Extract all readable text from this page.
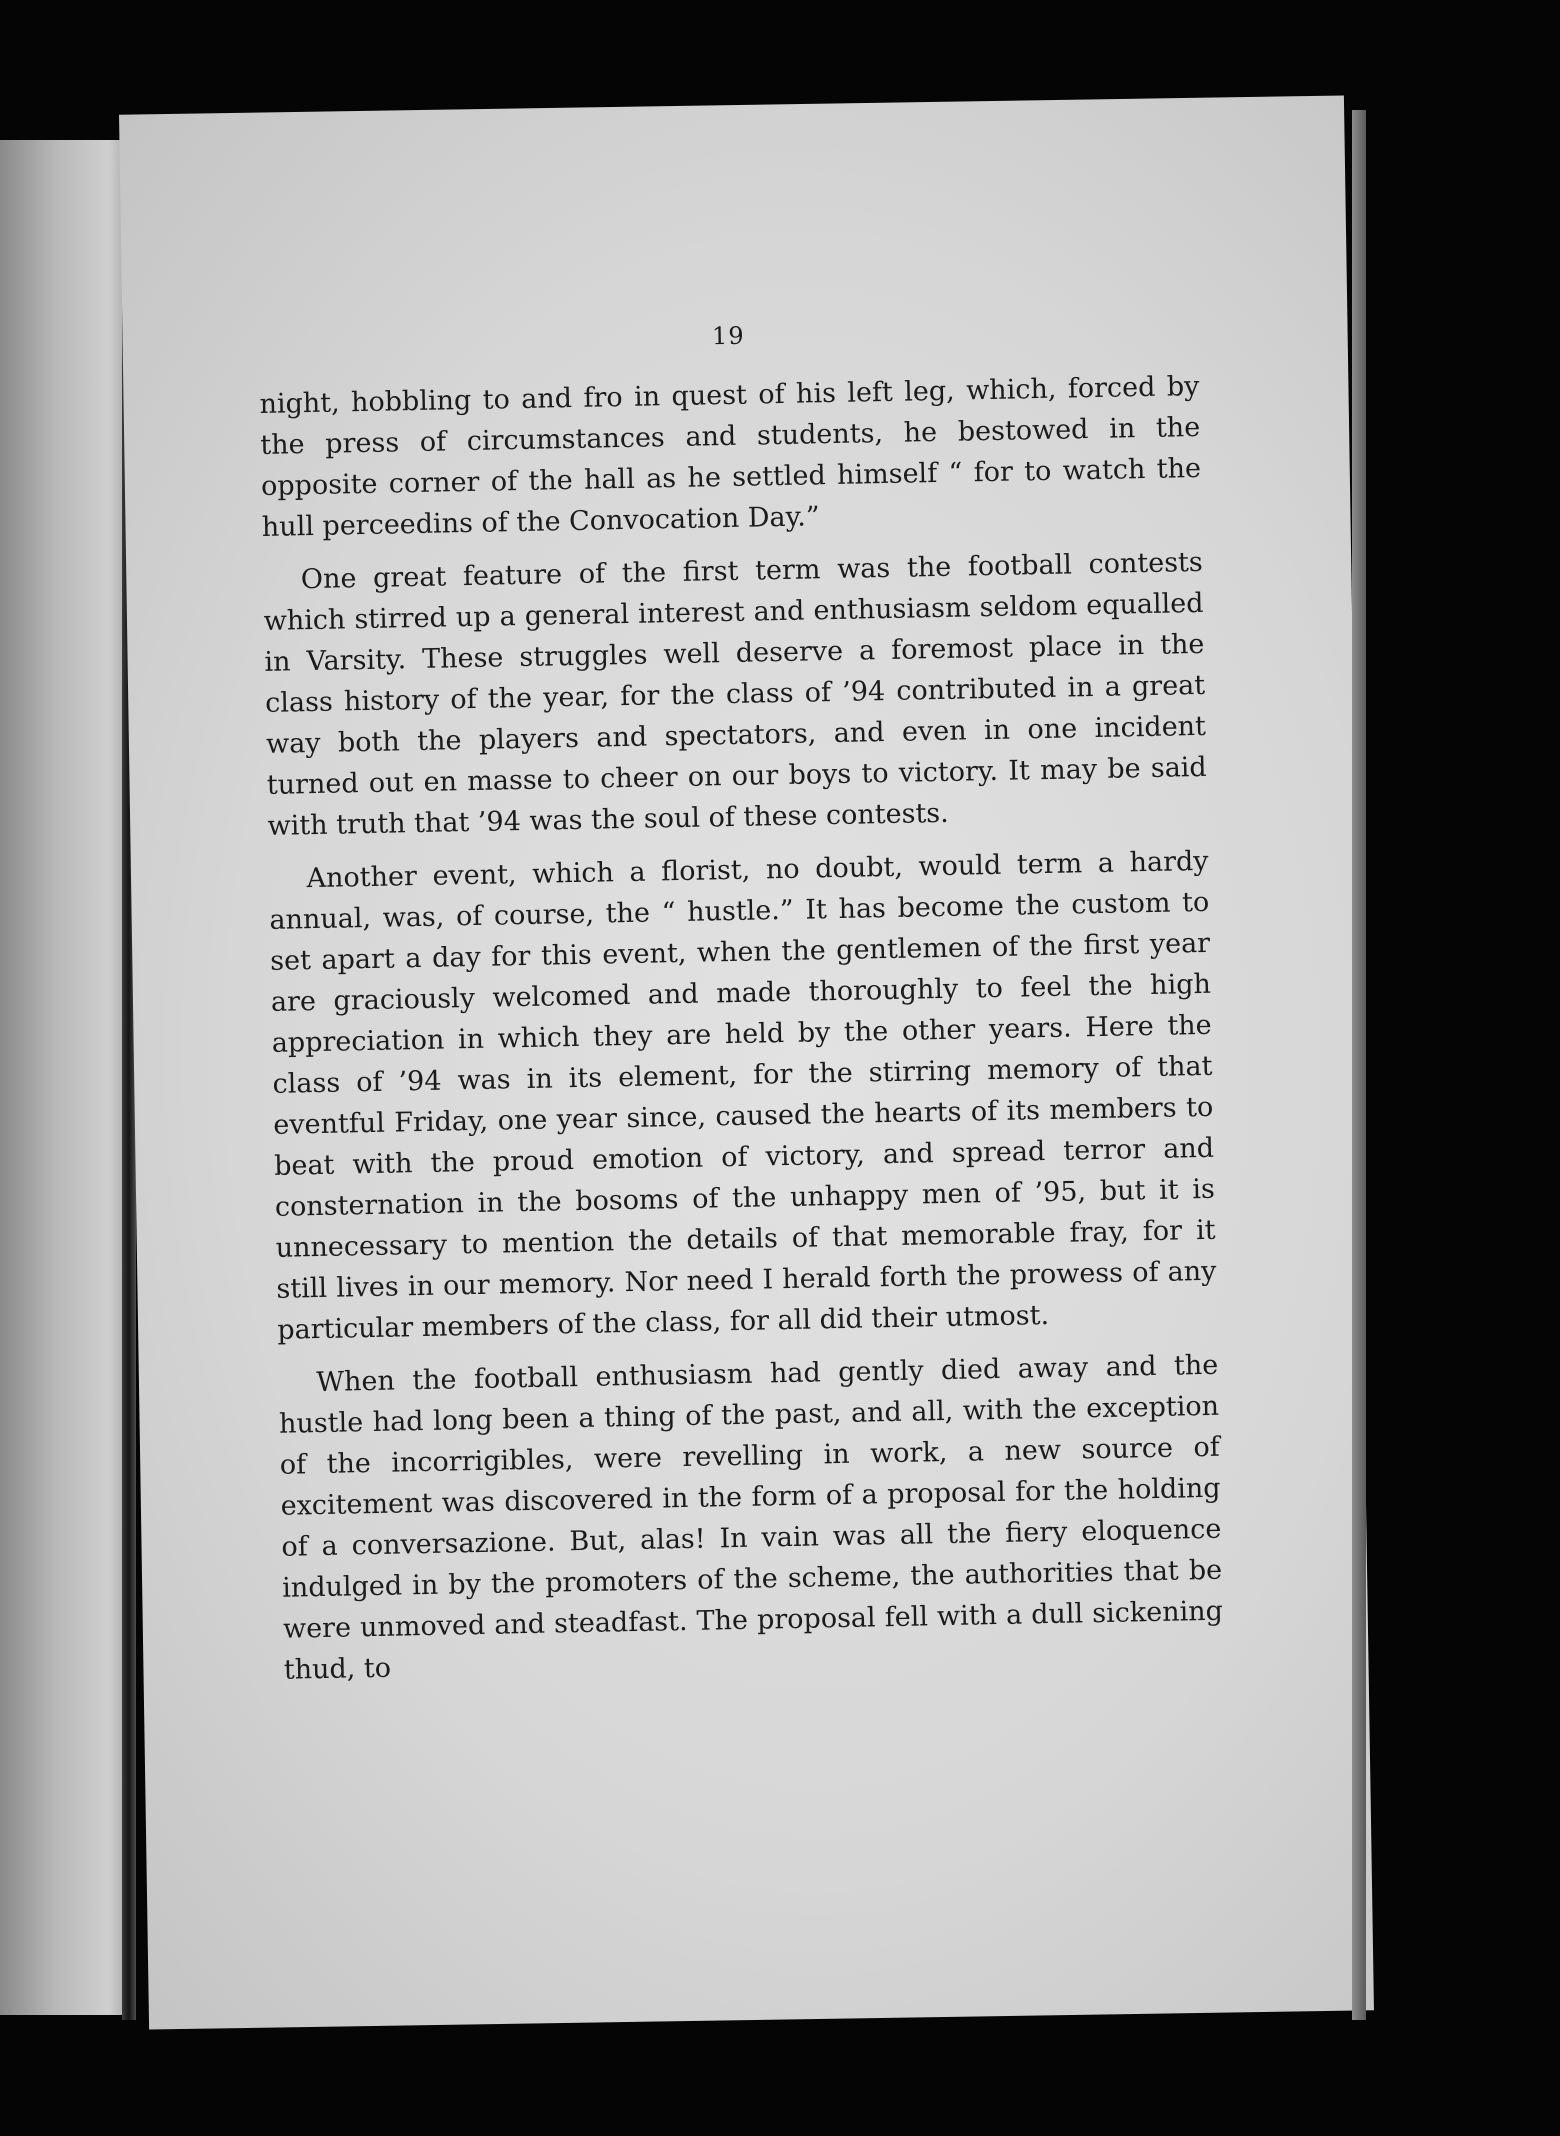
19

night, hobbling to and fro in quest of his left leg, which, forced by the press of circumstances and students, he bestowed in the opposite corner of the hall as he settled himself “ for to watch the hull perceedins of the Convocation Day.”

One great feature of the first term was the football contests which stirred up a general interest and enthusiasm seldom equalled in Varsity. These struggles well deserve a foremost place in the class history of the year, for the class of ’94 contributed in a great way both the players and spectators, and even in one incident turned out en masse to cheer on our boys to victory. It may be said with truth that ’94 was the soul of these contests.

Another event, which a florist, no doubt, would term a hardy annual, was, of course, the “ hustle.” It has become the custom to set apart a day for this event, when the gentlemen of the first year are graciously welcomed and made thoroughly to feel the high appreciation in which they are held by the other years. Here the class of ’94 was in its element, for the stirring memory of that eventful Friday, one year since, caused the hearts of its members to beat with the proud emotion of victory, and spread terror and consternation in the bosoms of the unhappy men of ’95, but it is unnecessary to mention the details of that memorable fray, for it still lives in our memory. Nor need I herald forth the prowess of any particular members of the class, for all did their utmost.

When the football enthusiasm had gently died away and the hustle had long been a thing of the past, and all, with the exception of the incorrigibles, were revelling in work, a new source of excitement was discovered in the form of a proposal for the holding of a conversazione. But, alas! In vain was all the fiery eloquence indulged in by the promoters of the scheme, the authorities that be were unmoved and steadfast. The proposal fell with a dull sickening thud, to
